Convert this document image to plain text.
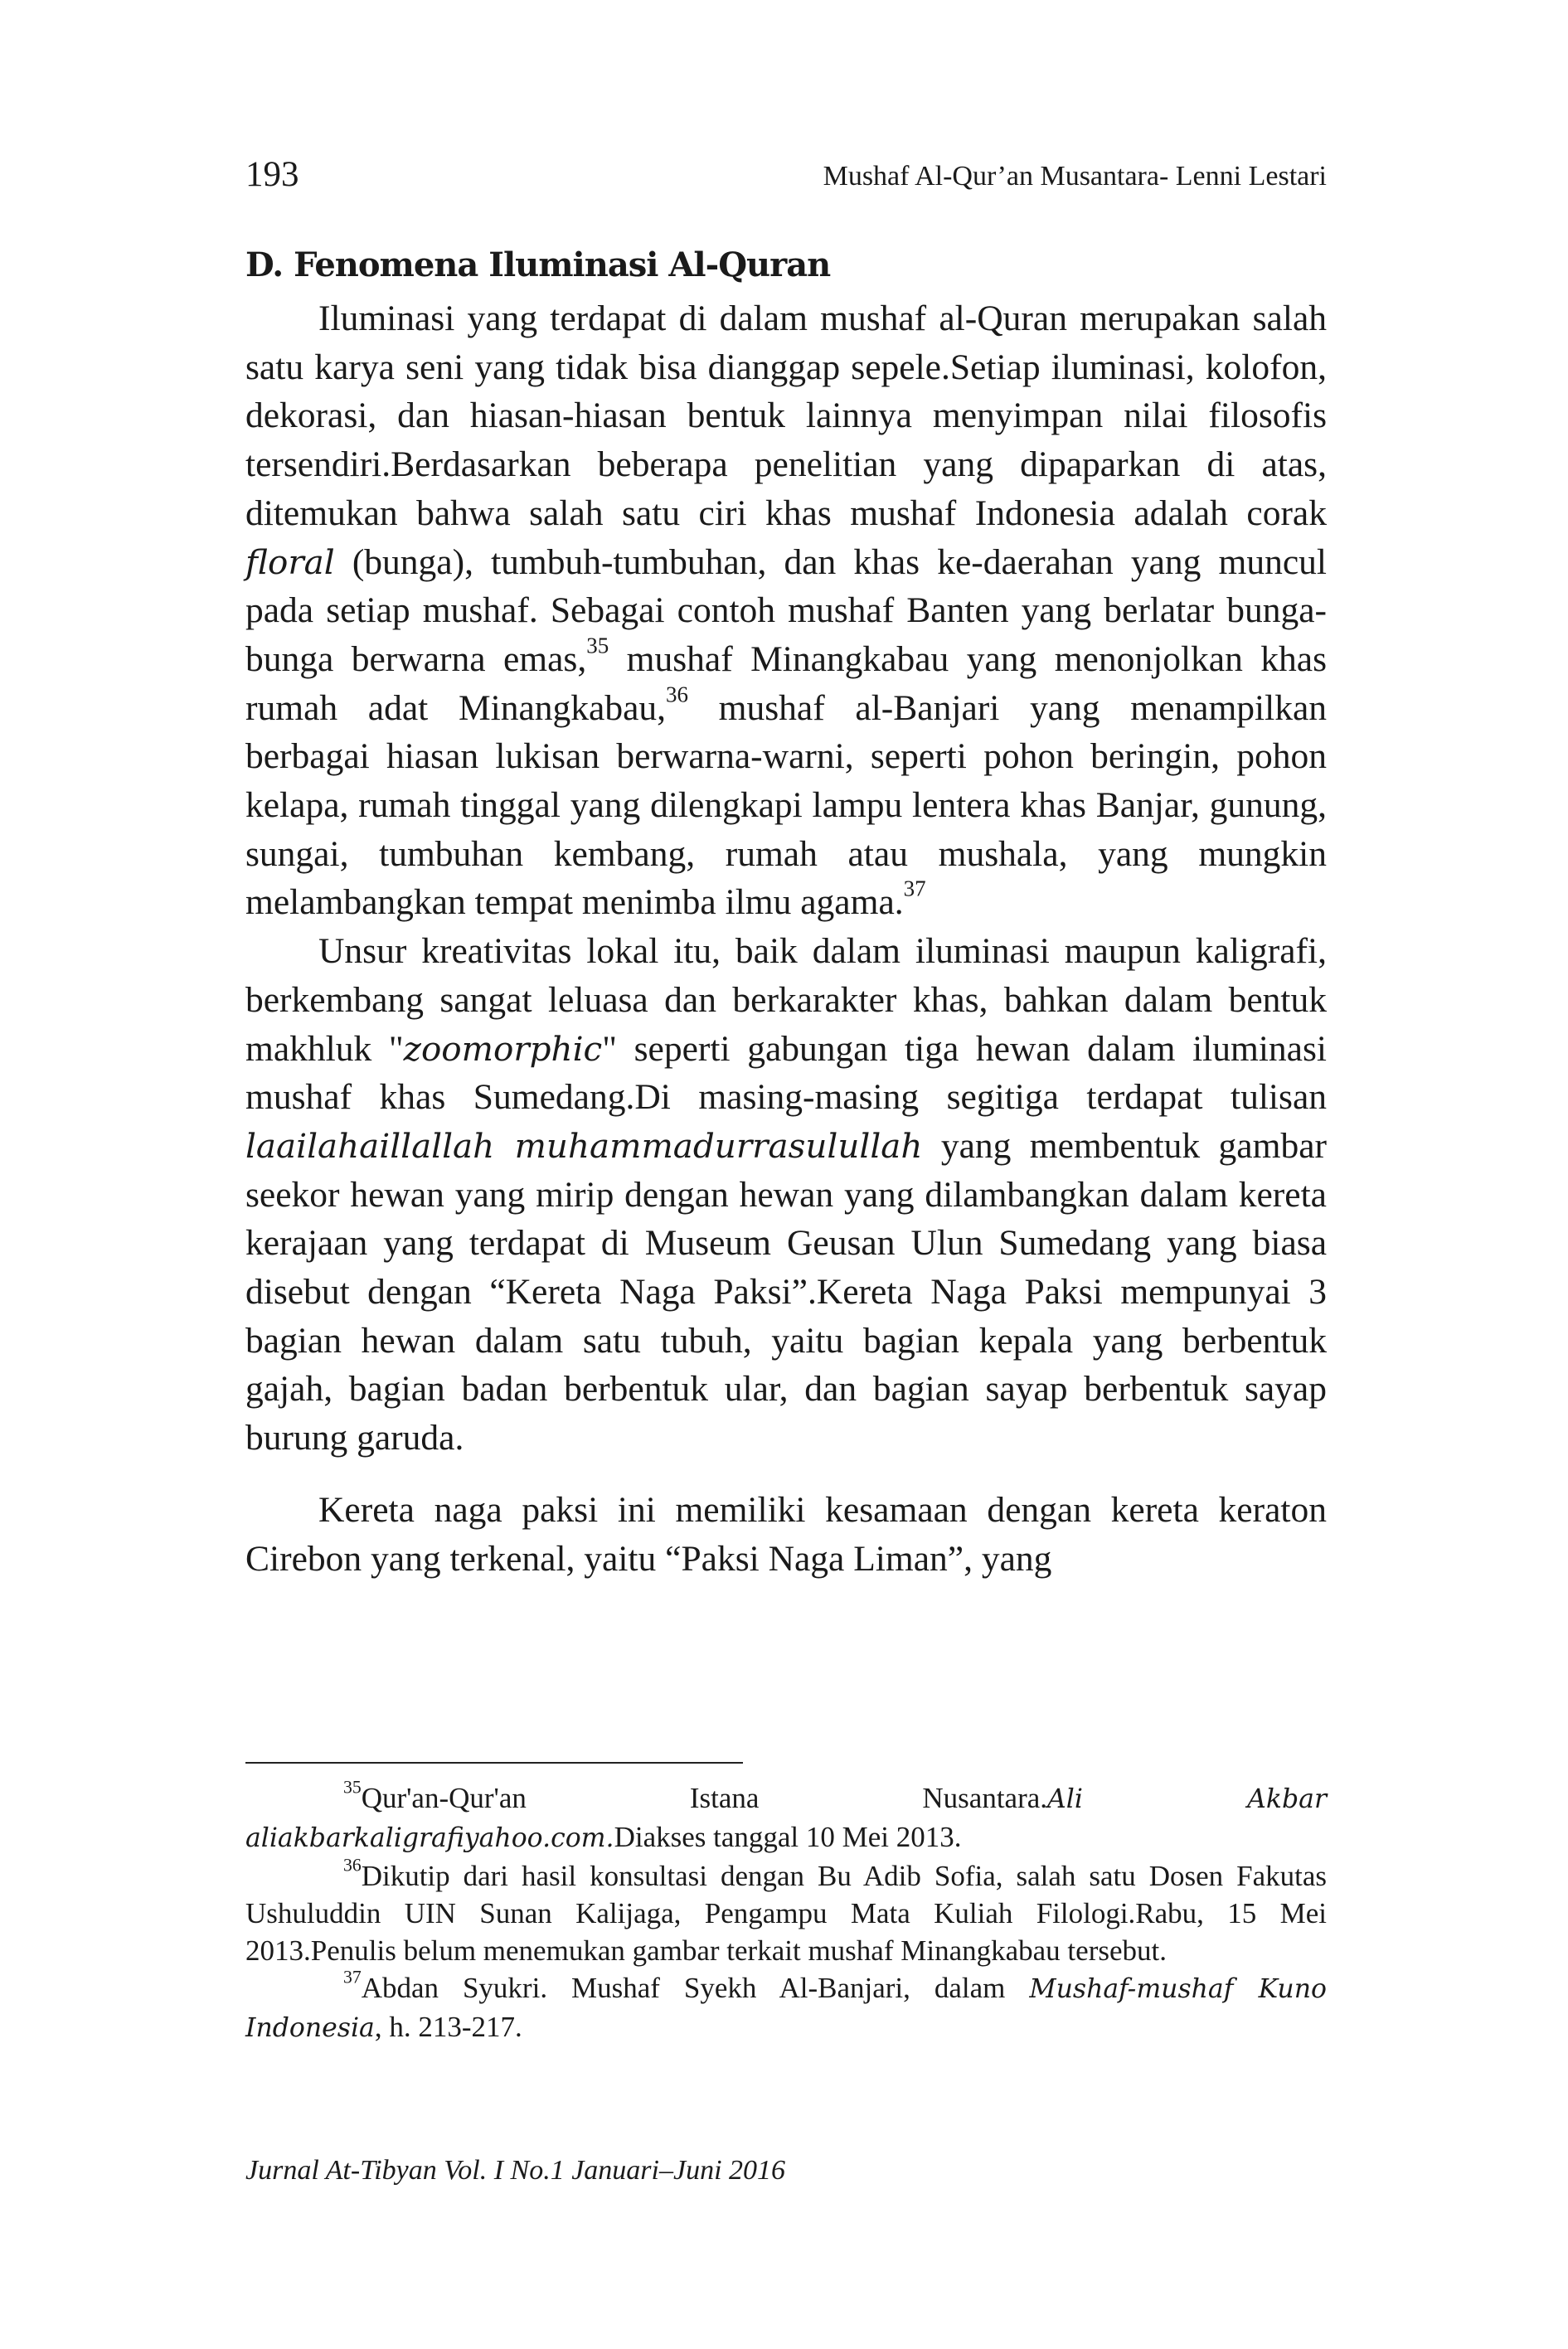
193	Mushaf Al-Qur’an Musantara- Lenni Lestari
D. Fenomena Iluminasi Al-Quran

Iluminasi yang terdapat di dalam mushaf al-Quran merupakan salah satu karya seni yang tidak bisa dianggap sepele.Setiap iluminasi, kolofon, dekorasi, dan hiasan-hiasan bentuk lainnya menyimpan nilai filosofis tersendiri.Berdasarkan beberapa penelitian yang dipaparkan di atas, ditemukan bahwa salah satu ciri khas mushaf Indonesia adalah corak floral (bunga), tumbuh-tumbuhan, dan khas ke-daerahan yang muncul pada setiap mushaf. Sebagai contoh mushaf Banten yang berlatar bunga-bunga berwarna emas,$^{35}$ mushaf Minangkabau yang menonjolkan khas rumah adat Minangkabau,$^{36}$ mushaf al-Banjari yang menampilkan berbagai hiasan lukisan berwarna-warni, seperti pohon beringin, pohon kelapa, rumah tinggal yang dilengkapi lampu lentera khas Banjar, gunung, sungai, tumbuhan kembang, rumah atau mushala, yang mungkin melambangkan tempat menimba ilmu agama.$^{37}$

Unsur kreativitas lokal itu, baik dalam iluminasi maupun kaligrafi, berkembang sangat leluasa dan berkarakter khas, bahkan dalam bentuk makhluk "zoomorphic" seperti gabungan tiga hewan dalam iluminasi mushaf khas Sumedang.Di masing-masing segitiga terdapat tulisan laailahaillallah muhammadurrasulullah yang membentuk gambar seekor hewan yang mirip dengan hewan yang dilambangkan dalam kereta kerajaan yang terdapat di Museum Geusan Ulun Sumedang yang biasa disebut dengan “Kereta Naga Paksi”.Kereta Naga Paksi mempunyai 3 bagian hewan dalam satu tubuh, yaitu bagian kepala yang berbentuk gajah, bagian badan berbentuk ular, dan bagian sayap berbentuk sayap burung garuda.

Kereta naga paksi ini memiliki kesamaan dengan kereta keraton Cirebon yang terkenal, yaitu “Paksi Naga Liman”, yang

$^{35}$Qur'an-Qur'an Istana Nusantara.Ali Akbar aliakbarkaligrafiyahoo.com.Diakses tanggal 10 Mei 2013.

$^{36}$Dikutip dari hasil konsultasi dengan Bu Adib Sofia, salah satu Dosen Fakutas Ushuluddin UIN Sunan Kalijaga, Pengampu Mata Kuliah Filologi.Rabu, 15 Mei 2013.Penulis belum menemukan gambar terkait mushaf Minangkabau tersebut.

$^{37}$Abdan Syukri. Mushaf Syekh Al-Banjari, dalam Mushaf-mushaf Kuno Indonesia, h. 213-217.

Jurnal At-Tibyan Vol. I No.1 Januari–Juni 2016
